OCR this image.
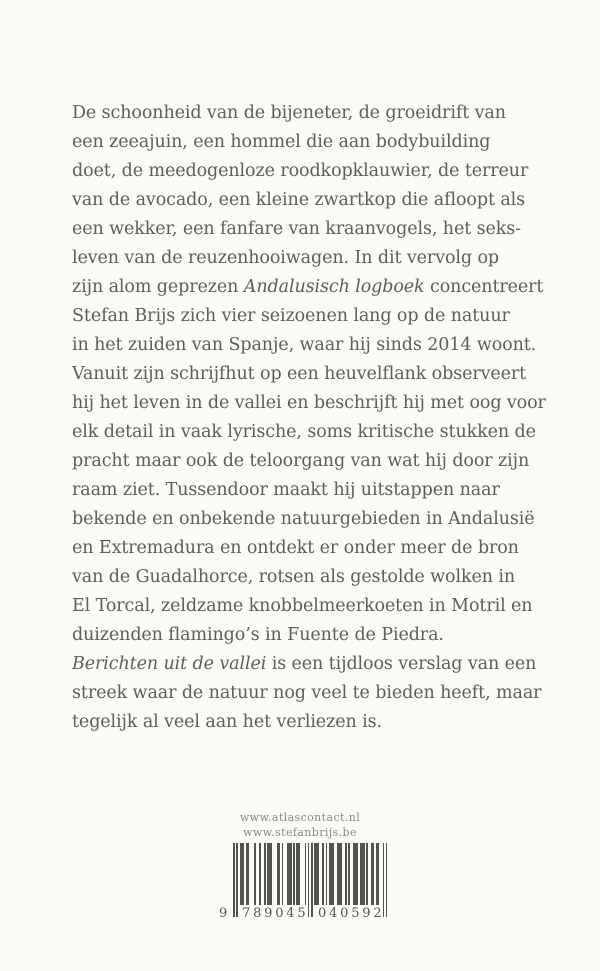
De schoonheid van de bijeneter, de groeidrift van
een zeeajuin, een hommel die aan bodybuilding
doet, de meedogenloze roodkopklauwier, de terreur
van de avocado, een kleine zwartkop die afloopt als
een wekker, een fanfare van kraanvogels, het seks-
leven van de reuzenhooiwagen. In dit vervolg op
zijn alom geprezen Andalusisch logboek concentreert
Stefan Brijs zich vier seizoenen lang op de natuur
in het zuiden van Spanje, waar hij sinds 2014 woont.
Vanuit zijn schrijfhut op een heuvelflank observeert
hij het leven in de vallei en beschrijft hij met oog voor
elk detail in vaak lyrische, soms kritische stukken de
pracht maar ook de teloorgang van wat hij door zijn
raam ziet. Tussendoor maakt hij uitstappen naar
bekende en onbekende natuurgebieden in Andalusië
en Extremadura en ontdekt er onder meer de bron
van de Guadalhorce, rotsen als gestolde wolken in
El Torcal, zeldzame knobbelmeerkoeten in Motril en
duizenden flamingo’s in Fuente de Piedra.
Berichten uit de vallei is een tijdloos verslag van een
streek waar de natuur nog veel te bieden heeft, maar
tegelijk al veel aan het verliezen is.
www.atlascontact.nl
www.stefanbrijs.be
9 789045 040592
